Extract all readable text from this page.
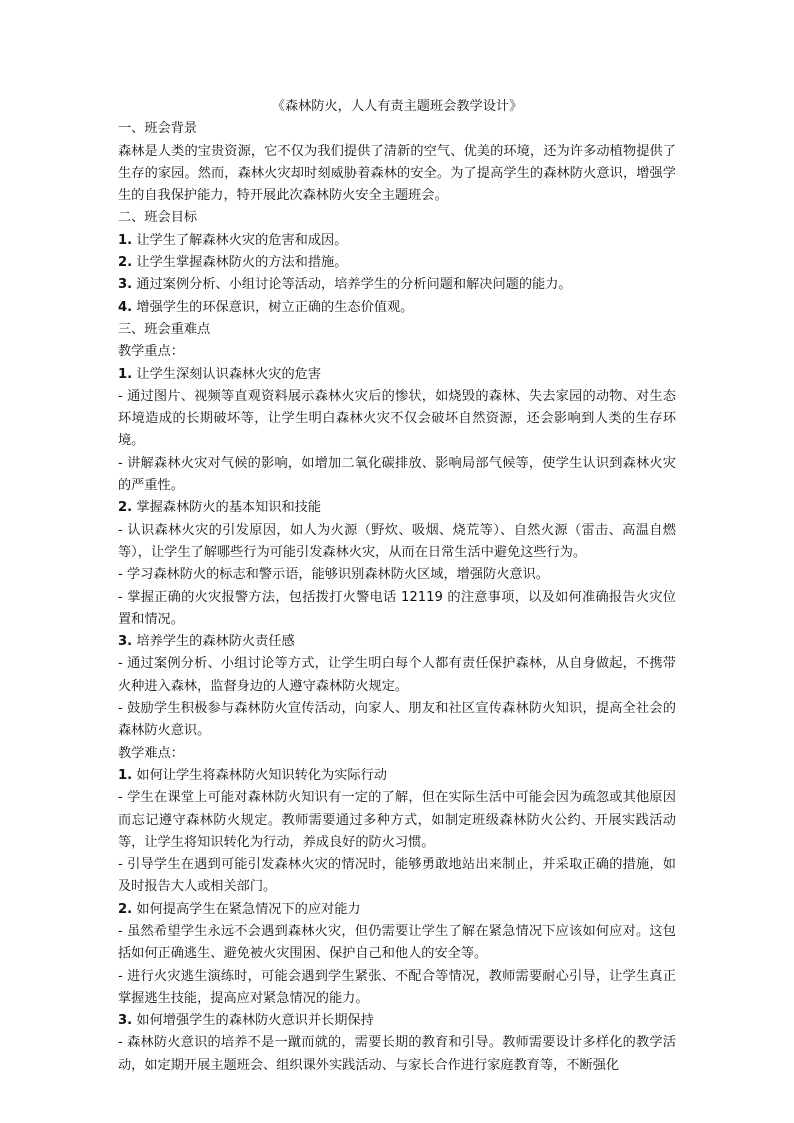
《森林防火，人人有责主题班会教学设计》

一、班会背景

森林是人类的宝贵资源，它不仅为我们提供了清新的空气、优美的环境，还为许多动植物提供了生存的家园。然而，森林火灾却时刻威胁着森林的安全。为了提高学生的森林防火意识，增强学生的自我保护能力，特开展此次森林防火安全主题班会。

二、班会目标

1. 让学生了解森林火灾的危害和成因。

2. 让学生掌握森林防火的方法和措施。

3. 通过案例分析、小组讨论等活动，培养学生的分析问题和解决问题的能力。

4. 增强学生的环保意识，树立正确的生态价值观。

三、班会重难点

教学重点：

1. 让学生深刻认识森林火灾的危害

- 通过图片、视频等直观资料展示森林火灾后的惨状，如烧毁的森林、失去家园的动物、对生态环境造成的长期破坏等，让学生明白森林火灾不仅会破坏自然资源，还会影响到人类的生存环境。

- 讲解森林火灾对气候的影响，如增加二氧化碳排放、影响局部气候等，使学生认识到森林火灾的严重性。

2. 掌握森林防火的基本知识和技能

- 认识森林火灾的引发原因，如人为火源（野炊、吸烟、烧荒等）、自然火源（雷击、高温自燃等），让学生了解哪些行为可能引发森林火灾，从而在日常生活中避免这些行为。

- 学习森林防火的标志和警示语，能够识别森林防火区域，增强防火意识。

- 掌握正确的火灾报警方法，包括拨打火警电话 12119 的注意事项，以及如何准确报告火灾位置和情况。

3. 培养学生的森林防火责任感

- 通过案例分析、小组讨论等方式，让学生明白每个人都有责任保护森林，从自身做起，不携带火种进入森林，监督身边的人遵守森林防火规定。

- 鼓励学生积极参与森林防火宣传活动，向家人、朋友和社区宣传森林防火知识，提高全社会的森林防火意识。

教学难点：

1. 如何让学生将森林防火知识转化为实际行动

- 学生在课堂上可能对森林防火知识有一定的了解，但在实际生活中可能会因为疏忽或其他原因而忘记遵守森林防火规定。教师需要通过多种方式，如制定班级森林防火公约、开展实践活动等，让学生将知识转化为行动，养成良好的防火习惯。

- 引导学生在遇到可能引发森林火灾的情况时，能够勇敢地站出来制止，并采取正确的措施，如及时报告大人或相关部门。

2. 如何提高学生在紧急情况下的应对能力

- 虽然希望学生永远不会遇到森林火灾，但仍需要让学生了解在紧急情况下应该如何应对。这包括如何正确逃生、避免被火灾围困、保护自己和他人的安全等。

- 进行火灾逃生演练时，可能会遇到学生紧张、不配合等情况，教师需要耐心引导，让学生真正掌握逃生技能，提高应对紧急情况的能力。

3. 如何增强学生的森林防火意识并长期保持

- 森林防火意识的培养不是一蹴而就的，需要长期的教育和引导。教师需要设计多样化的教学活动，如定期开展主题班会、组织课外实践活动、与家长合作进行家庭教育等，不断强化
